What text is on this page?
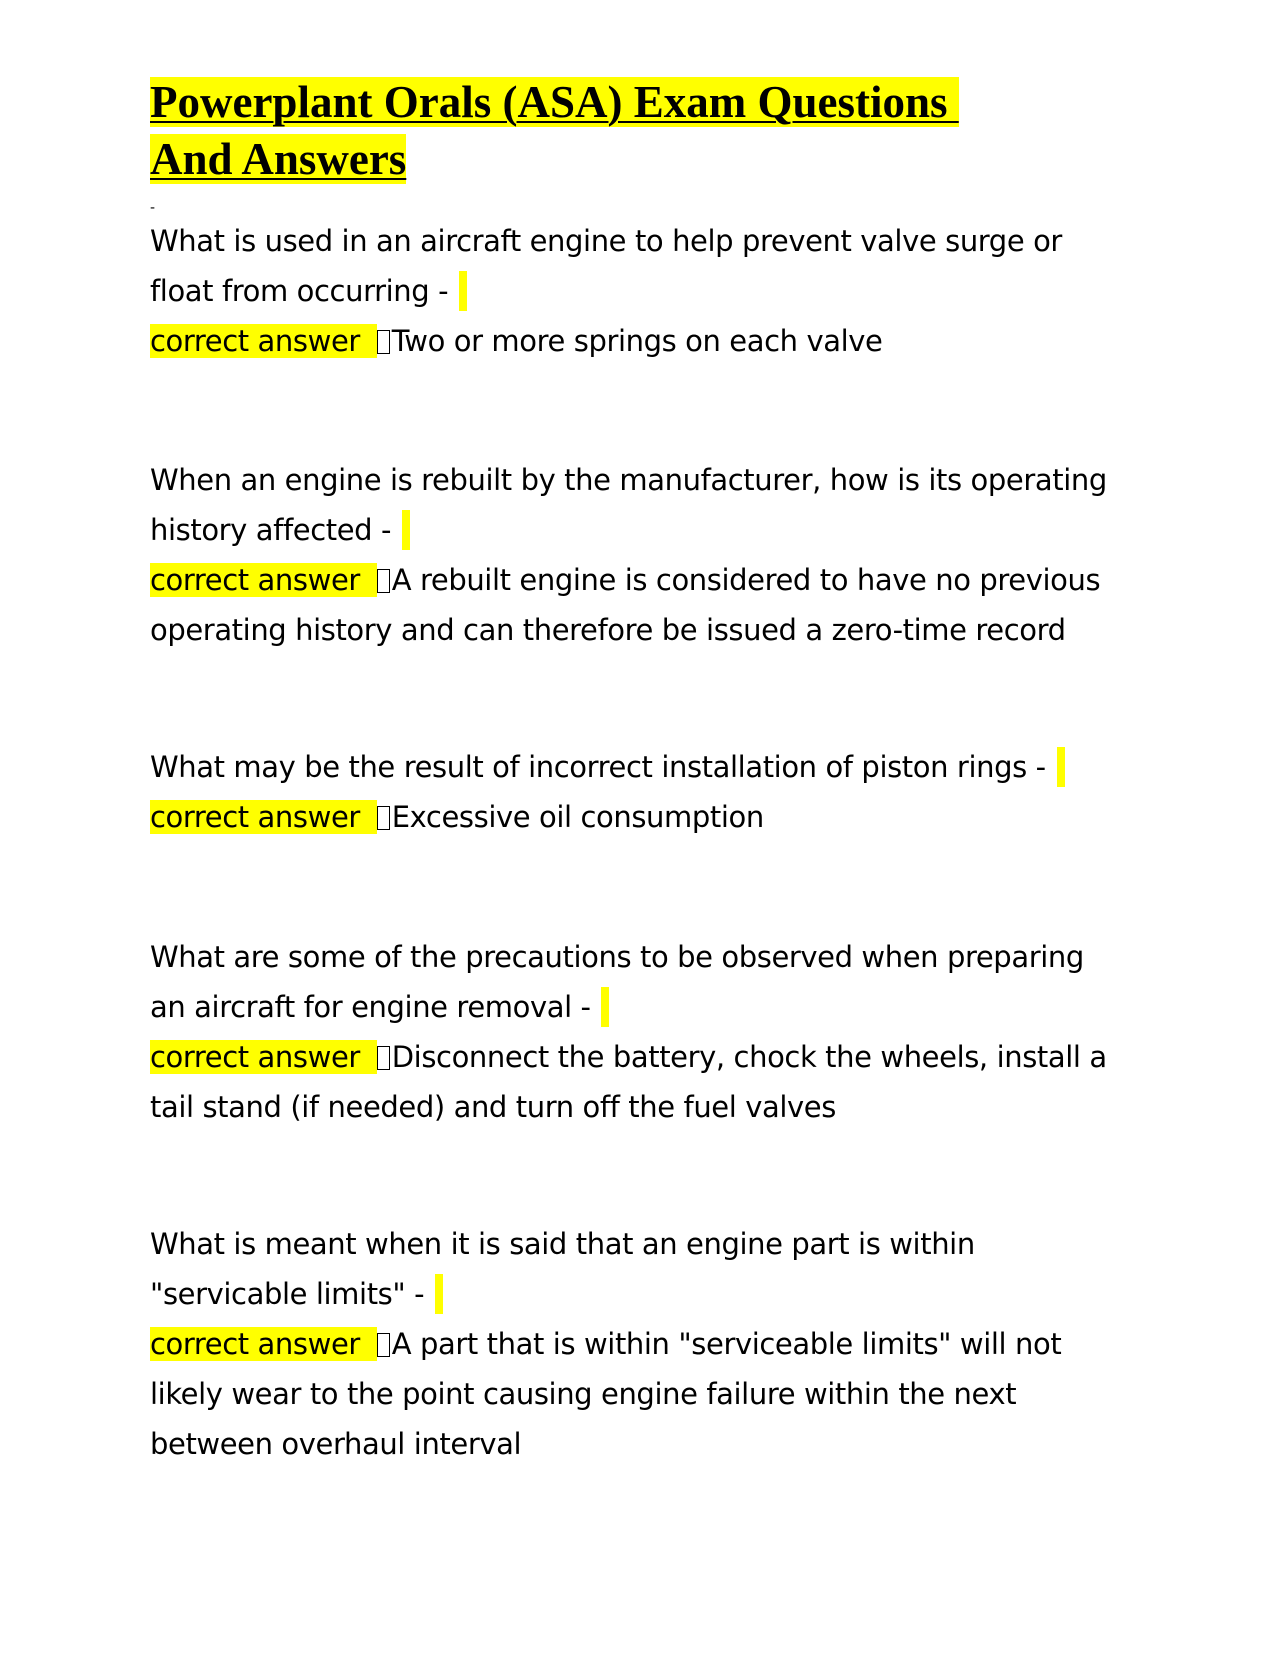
Powerplant Orals (ASA) Exam Questions
And Answers
-
What is used in an aircraft engine to help prevent valve surge or
float from occurring -
correct answer Two or more springs on each valve
When an engine is rebuilt by the manufacturer, how is its operating
history affected -
correct answer A rebuilt engine is considered to have no previous
operating history and can therefore be issued a zero-time record
What may be the result of incorrect installation of piston rings -
correct answer Excessive oil consumption
What are some of the precautions to be observed when preparing
an aircraft for engine removal -
correct answer Disconnect the battery, chock the wheels, install a
tail stand (if needed) and turn off the fuel valves
What is meant when it is said that an engine part is within
"servicable limits" -
correct answer A part that is within "serviceable limits" will not
likely wear to the point causing engine failure within the next
between overhaul interval
